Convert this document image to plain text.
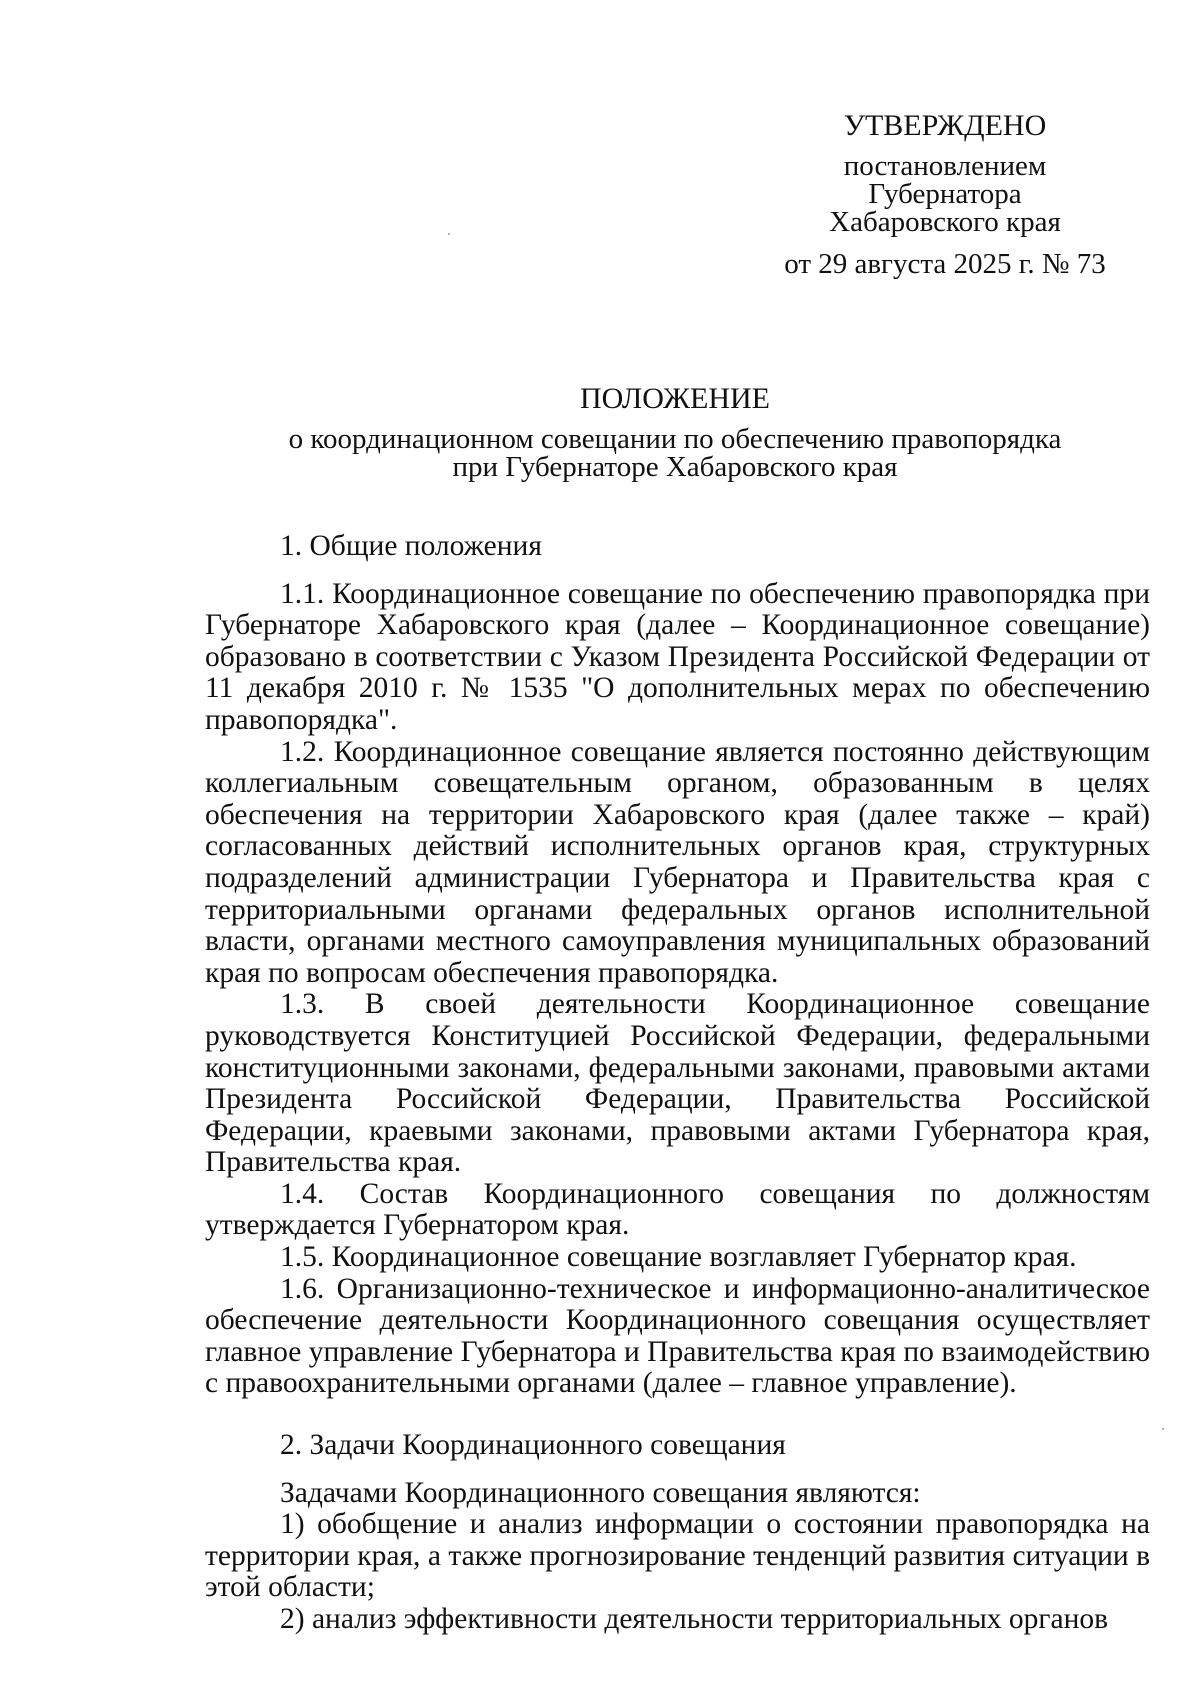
УТВЕРЖДЕНО
постановлением
Губернатора
Хабаровского края
от 29 августа 2025 г. № 73
ПОЛОЖЕНИЕ
о координационном совещании по обеспечению правопорядка
при Губернаторе Хабаровского края
1. Общие положения

1.1. Координационное совещание по обеспечению правопорядка при Губернаторе Хабаровского края (далее – Координационное совещание) образовано в соответствии с Указом Президента Российской Федерации от 11 декабря 2010 г. № 1535 "О дополнительных мерах по обеспечению правопорядка".

1.2. Координационное совещание является постоянно действующим коллегиальным совещательным органом, образованным в целях обеспечения на территории Хабаровского края (далее также – край) согласованных действий исполнительных органов края, структурных подразделений администрации Губернатора и Правительства края с территориальными органами федеральных органов исполнительной власти, органами местного самоуправления муниципальных образований края по вопросам обеспечения правопорядка.

1.3. В своей деятельности Координационное совещание руководствуется Конституцией Российской Федерации, федеральными конституционными законами, федеральными законами, правовыми актами Президента Российской Федерации, Правительства Российской Федерации, краевыми законами, правовыми актами Губернатора края, Правительства края.

1.4. Состав Координационного совещания по должностям утверждается Губернатором края.

1.5. Координационное совещание возглавляет Губернатор края.

1.6. Организационно-техническое и информационно-аналитическое обеспечение деятельности Координационного совещания осуществляет главное управление Губернатора и Правительства края по взаимодействию с правоохранительными органами (далее – главное управление).

2. Задачи Координационного совещания

Задачами Координационного совещания являются:

1) обобщение и анализ информации о состоянии правопорядка на территории края, а также прогнозирование тенденций развития ситуации в этой области;

2) анализ эффективности деятельности территориальных органов
